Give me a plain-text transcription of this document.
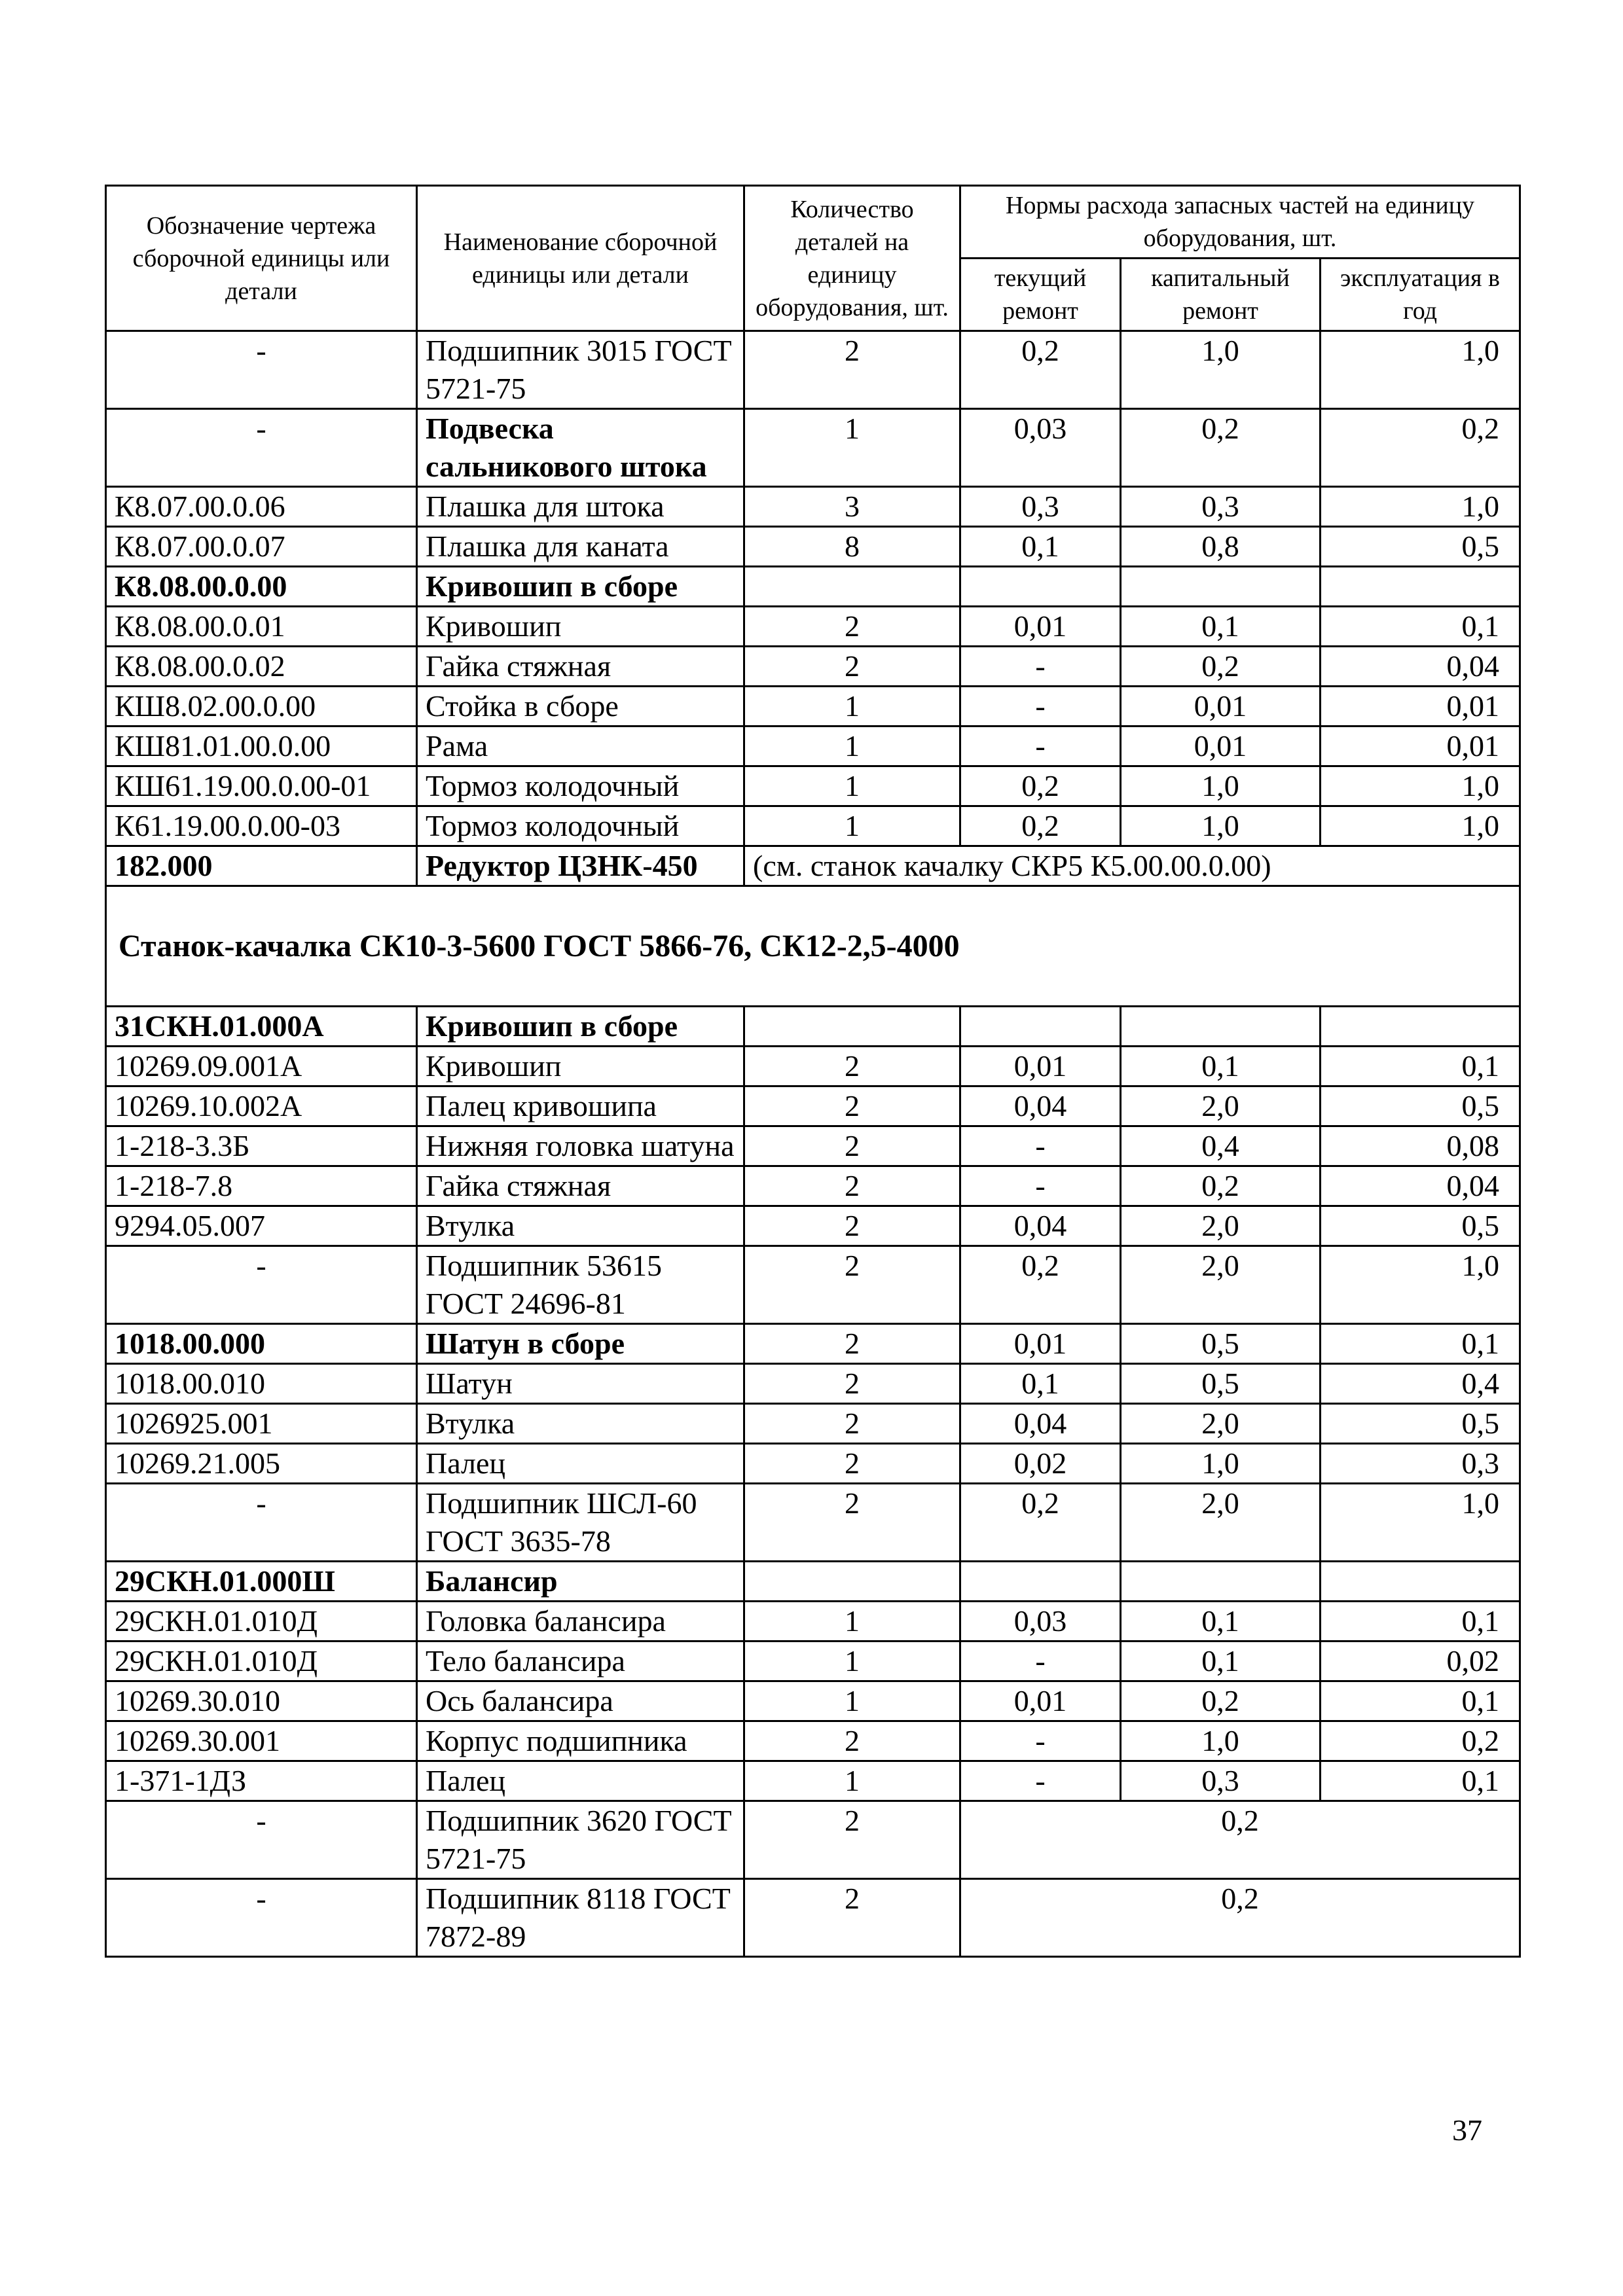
Обозначение чертежа сборочной единицы или детали	Наименование сборочной единицы или детали	Количество деталей на единицу оборудования, шт.	Нормы расхода запасных частей на единицу оборудования, шт.		
			текущий ремонт	капитальный ремонт	эксплуатация в год
-	Подшипник 3015 ГОСТ 5721-75	2	0,2	1,0	1,0
-	Подвеска сальникового штока	1	0,03	0,2	0,2
К8.07.00.0.06	Плашка для штока	3	0,3	0,3	1,0
К8.07.00.0.07	Плашка для каната	8	0,1	0,8	0,5
К8.08.00.0.00	Кривошип в сборе				
К8.08.00.0.01	Кривошип	2	0,01	0,1	0,1
К8.08.00.0.02	Гайка стяжная	2	-	0,2	0,04
КШ8.02.00.0.00	Стойка в сборе	1	-	0,01	0,01
КШ81.01.00.0.00	Рама	1	-	0,01	0,01
КШ61.19.00.0.00-01	Тормоз колодочный	1	0,2	1,0	1,0
К61.19.00.0.00-03	Тормоз колодочный	1	0,2	1,0	1,0
182.000	Редуктор ЦЗНК-450	(см. станок качалку СКР5 К5.00.00.0.00)			
Станок-качалка СК10-3-5600 ГОСТ 5866-76, СК12-2,5-4000					
31СКН.01.000А	Кривошип в сборе				
10269.09.001А	Кривошип	2	0,01	0,1	0,1
10269.10.002А	Палец кривошипа	2	0,04	2,0	0,5
1-218-3.3Б	Нижняя головка шатуна	2	-	0,4	0,08
1-218-7.8	Гайка стяжная	2	-	0,2	0,04
9294.05.007	Втулка	2	0,04	2,0	0,5
-	Подшипник 53615 ГОСТ 24696-81	2	0,2	2,0	1,0
1018.00.000	Шатун в сборе	2	0,01	0,5	0,1
1018.00.010	Шатун	2	0,1	0,5	0,4
1026925.001	Втулка	2	0,04	2,0	0,5
10269.21.005	Палец	2	0,02	1,0	0,3
-	Подшипник ШСЛ-60 ГОСТ 3635-78	2	0,2	2,0	1,0
29СКН.01.000Ш	Балансир				
29СКН.01.010Д	Головка балансира	1	0,03	0,1	0,1
29СКН.01.010Д	Тело балансира	1	-	0,1	0,02
10269.30.010	Ось балансира	1	0,01	0,2	0,1
10269.30.001	Корпус подшипника	2	-	1,0	0,2
1-371-1ДЗ	Палец	1	-	0,3	0,1
-	Подшипник 3620 ГОСТ 5721-75	2	0,2		
-	Подшипник 8118 ГОСТ 7872-89	2	0,2		
37
